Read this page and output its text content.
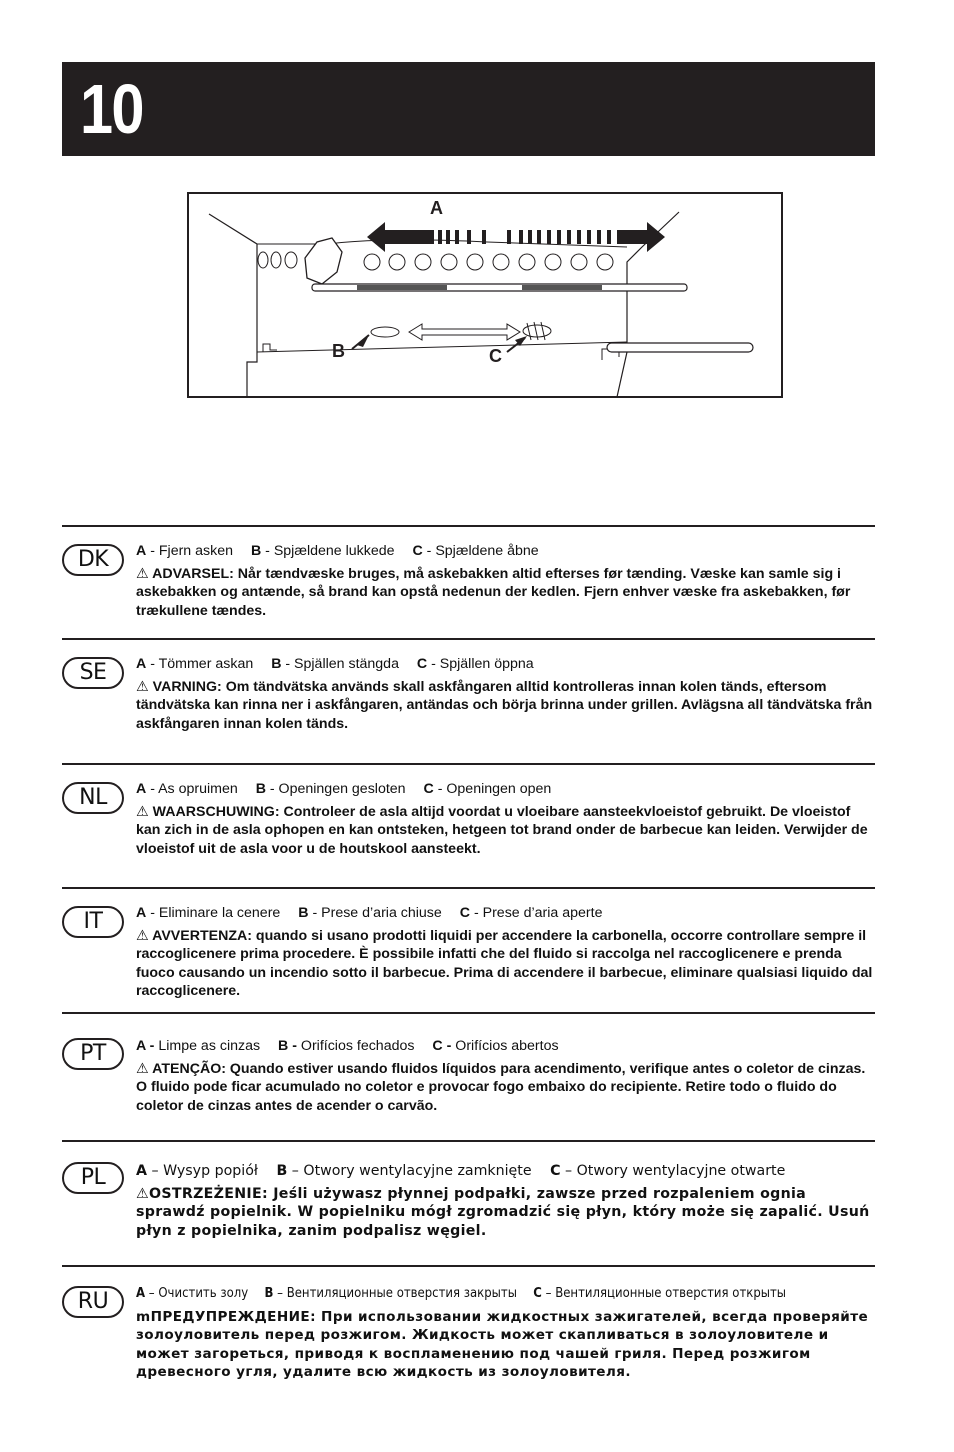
10
A
B	C
DK	A - Fjern asken B - Spjældene lukkede C - Spjældene åbne

⚠ ADVARSEL: Når tændvæske bruges, må askebakken altid efterses før tænding. Væske kan samle sig i askebakken og antænde, så brand kan opstå nedenun der kedlen. Fjern enhver væske fra askebakken, før trækullene tændes.

SE	A - Tömmer askan B - Spjällen stängda C - Spjällen öppna

⚠ VARNING: Om tändvätska används skall askfångaren alltid kontrolleras innan kolen tänds, eftersom tändvätska kan rinna ner i askfångaren, antändas och börja brinna under grillen. Avlägsna all tändvätska från askfångaren innan kolen tänds.

NL	A - As opruimen B - Openingen gesloten C - Openingen open

⚠ WAARSCHUWING: Controleer de asla altijd voordat u vloeibare aansteekvloeistof gebruikt. De vloeistof kan zich in de asla ophopen en kan ontsteken, hetgeen tot brand onder de barbecue kan leiden. Verwijder de vloeistof uit de asla voor u de houtskool aansteekt.

IT	A - Eliminare la cenere B - Prese d’aria chiuse C - Prese d’aria aperte

⚠ AVVERTENZA: quando si usano prodotti liquidi per accendere la carbonella, occorre controllare sempre il raccoglicenere prima procedere. È possibile infatti che del fluido si raccolga nel raccoglicenere e prenda fuoco causando un incendio sotto il barbecue. Prima di accendere il barbecue, eliminare qualsiasi liquido dal raccoglicenere.

PT	A - Limpe as cinzas B - Orifícios fechados C - Orifícios abertos

⚠ ATENÇÃO: Quando estiver usando fluidos líquidos para acendimento, verifique antes o coletor de cinzas. O fluido pode ficar acumulado no coletor e provocar fogo embaixo do recipiente. Retire todo o fluido do coletor de cinzas antes de acender o carvão.

PL	A – Wysyp popiół B – Otwory wentylacyjne zamknięte C – Otwory wentylacyjne otwarte

⚠OSTRZEŻENIE: Jeśli używasz płynnej podpałki, zawsze przed rozpaleniem ognia sprawdź popielnik. W popielniku mógł zgromadzić się płyn, który może się zapalić. Usuń płyn z popielnika, zanim podpalisz węgiel.

RU	A – Очистить золу B – Вентиляционные отверстия закрыты C – Вентиляционные отверстия открыты

mПРЕДУПРЕЖДЕНИЕ: При использовании жидкостных зажигателей, всегда проверяйте золоуловитель перед розжигом. Жидкость может скапливаться в золоуловителе и может загореться, приводя к воспламенению под чашей гриля. Перед розжигом древесного угля, удалите всю жидкость из золоуловителя.
